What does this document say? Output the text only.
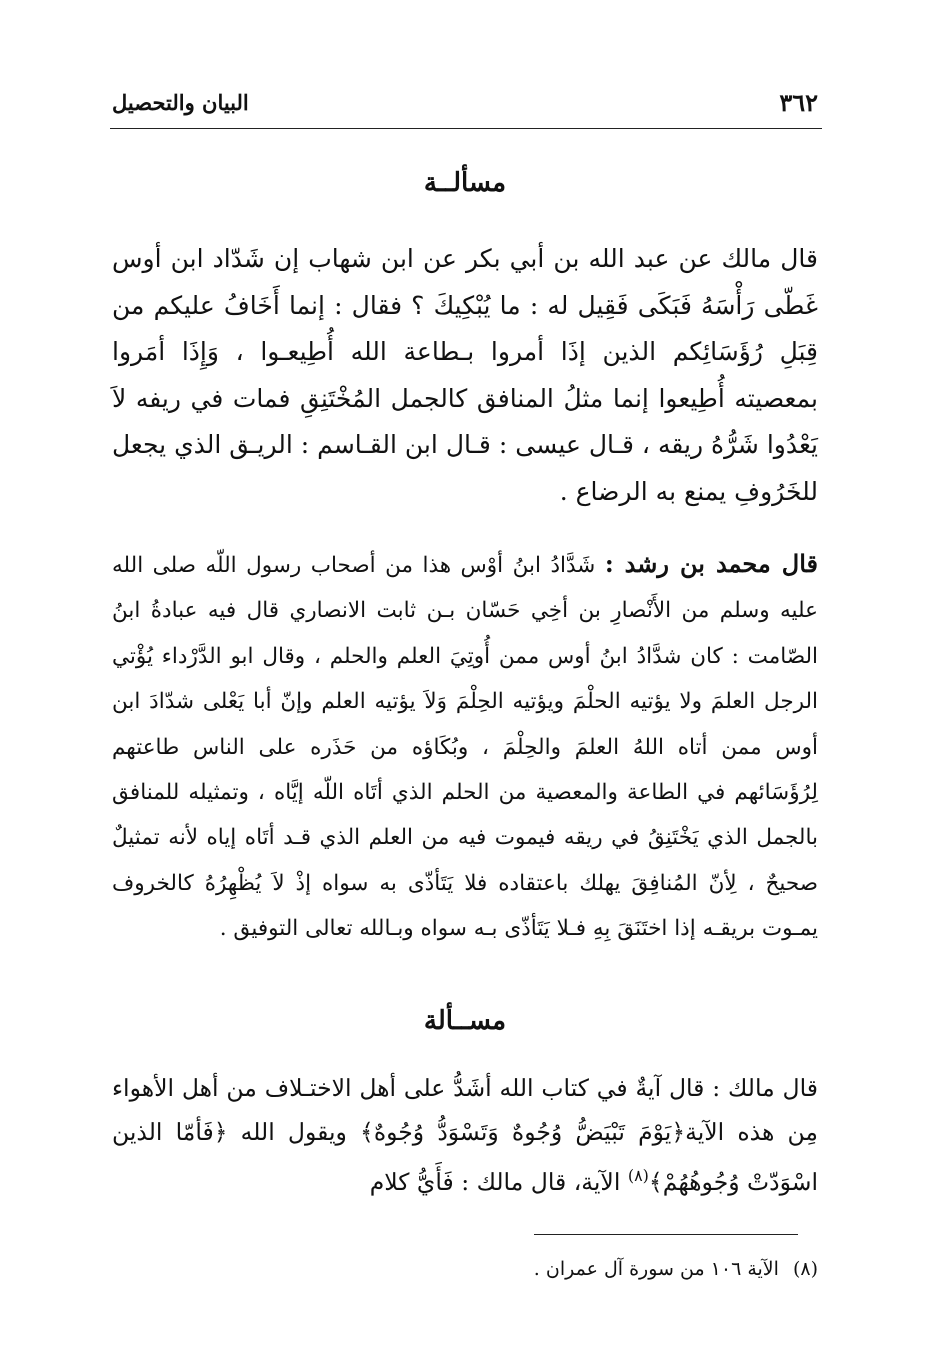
٣٦٢
البيان والتحصيل
مسألــة

قال مالك عن عبد الله بن أبي بكر عن ابن شهاب إن شَدّاد ابن أوس غَطّى رَأْسَهُ فَبَكَى فَقِيل له : ما يُبْكِيكَ ؟ فقال : إنما أَخَافُ عليكم من قِبَلِ رُؤَسَائِكم الذين إذَا أمروا بـطاعة الله أُطِيعـوا ، وَإِذَا أمَروا بمعصيته أُطِيعوا إنما مثلُ المنافق كالجمل المُخْتَنِقِ فمات في ريفه لاَ يَعْدُوا شَرُّهُ ريقه ، قـال عيسى : قـال ابن القـاسم : الريـق الذي يجعل للخَرُوفِ يمنع به الرضاع .

قال محمد بن رشد : شَدَّادُ ابنُ أوْس هذا من أصحاب رسول اللّه صلى الله عليه وسلم من الأَنْصارِ بن أخِي حَسّان بـن ثابت الانصاري قال فيه عبادةُ ابنُ الصّامت : كان شدَّادُ ابنُ أوس ممن أُوتِيَ العلم والحلم ، وقال ابو الدَّرْداء يُؤْتي الرجل العلمَ ولا يؤتيه الحلْمَ ويؤتيه الحِلْمَ وَلاَ يؤتيه العلم وإنّ أبا يَعْلى شدّادَ ابن أوس ممن أتاه اللهُ العلمَ والحِلْمَ ، وبُكَاؤه من حَذَره على الناس طاعتهم لِرُؤَسَائهم في الطاعة والمعصية من الحلم الذي أتَاه اللّه إيَّاه ، وتمثيله للمنافق بالجمل الذي يَخْتَنِقُ في ريقه فيموت فيه من العلم الذي قـد أتَاه إياه لأنه تمثيلٌ صحيحٌ ، لِأنّ المُنافِقَ يهلك باعتقاده فلا يَتَأذّى به سواه إذْ لاَ يُظْهِرُهُ كالخروف يمـوت بريقـه إذا اختَنَقَ بِهِ فـلا يَتَأذّى بـه سواه وبـالله تعالى التوفيق .

مســألة

قال مالك : قال آيةٌ في كتاب الله أشَدُّ على أهل الاختـلاف من أهل الأهواء مِن هذه الآية﴿يَوْمَ تَبْيَضُّ وُجُوهٌ وَتَسْوَدُّ وُجُوهٌ﴾ ويقول الله ﴿فَأمّا الذين اسْوَدّتْ وُجُوهُهُمْ﴾$^{(٨)}$ الآية، قال مالك : فَأَيُّ كلام

(٨)الآية ١٠٦ من سورة آل عمران .
